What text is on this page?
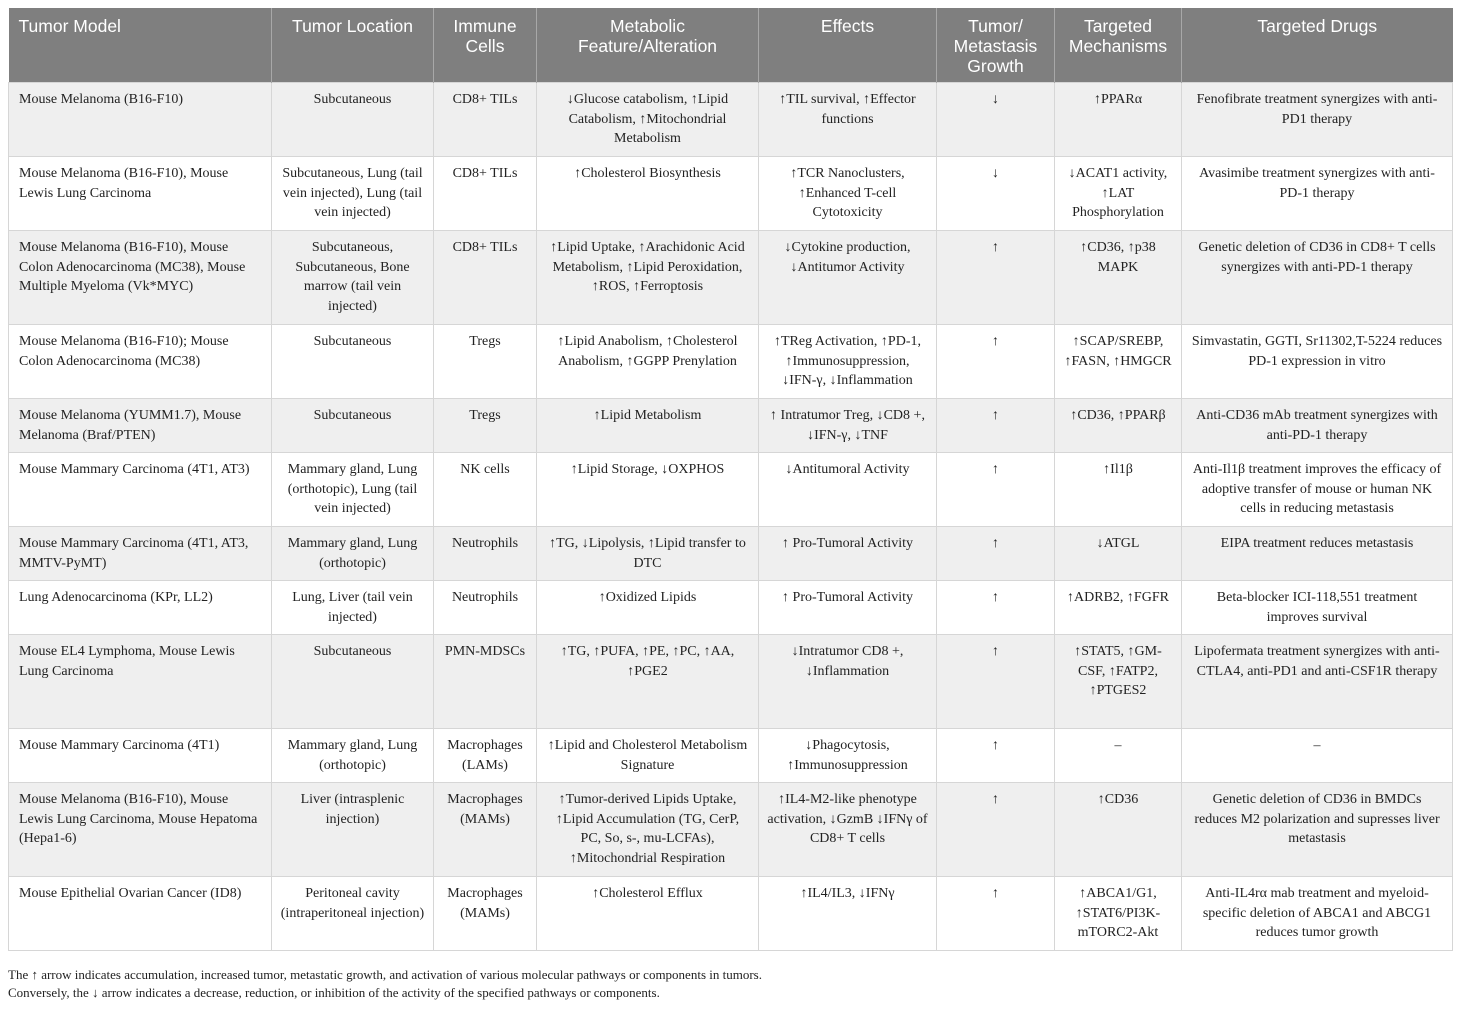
Tumor Model	Tumor Location	Immune Cells	Metabolic Feature/Alteration	Effects	Tumor/ Metastasis Growth	Targeted Mechanisms	Targeted Drugs
Mouse Melanoma (B16-F10)	Subcutaneous	CD8+ TILs	↓Glucose catabolism, ↑Lipid Catabolism, ↑Mitochondrial Metabolism	↑TIL survival, ↑Effector functions	↓	↑PPARα	Fenofibrate treatment synergizes with anti-PD1 therapy
Mouse Melanoma (B16-F10), Mouse Lewis Lung Carcinoma	Subcutaneous, Lung (tail vein injected), Lung (tail vein injected)	CD8+ TILs	↑Cholesterol Biosynthesis	↑TCR Nanoclusters, ↑Enhanced T-cell Cytotoxicity	↓	↓ACAT1 activity, ↑LAT Phosphorylation	Avasimibe treatment synergizes with anti-PD-1 therapy
Mouse Melanoma (B16-F10), Mouse Colon Adenocarcinoma (MC38), Mouse Multiple Myeloma (Vk*MYC)	Subcutaneous, Subcutaneous, Bone marrow (tail vein injected)	CD8+ TILs	↑Lipid Uptake, ↑Arachidonic Acid Metabolism, ↑Lipid Peroxidation, ↑ROS, ↑Ferroptosis	↓Cytokine production, ↓Antitumor Activity	↑	↑CD36, ↑p38 MAPK	Genetic deletion of CD36 in CD8+ T cells synergizes with anti-PD-1 therapy
Mouse Melanoma (B16-F10); Mouse Colon Adenocarcinoma (MC38)	Subcutaneous	Tregs	↑Lipid Anabolism, ↑Cholesterol Anabolism, ↑GGPP Prenylation	↑TReg Activation, ↑PD-1, ↑Immunosuppression, ↓IFN-γ, ↓Inflammation	↑	↑SCAP/SREBP, ↑FASN, ↑HMGCR	Simvastatin, GGTI, Sr11302,T-5224 reduces PD-1 expression in vitro
Mouse Melanoma (YUMM1.7), Mouse Melanoma (Braf/PTEN)	Subcutaneous	Tregs	↑Lipid Metabolism	↑ Intratumor Treg, ↓CD8 +, ↓IFN-γ, ↓TNF	↑	↑CD36, ↑PPARβ	Anti-CD36 mAb treatment synergizes with anti-PD-1 therapy
Mouse Mammary Carcinoma (4T1, AT3)	Mammary gland, Lung (orthotopic), Lung (tail vein injected)	NK cells	↑Lipid Storage, ↓OXPHOS	↓Antitumoral Activity	↑	↑Il1β	Anti-Il1β treatment improves the efficacy of adoptive transfer of mouse or human NK cells in reducing metastasis
Mouse Mammary Carcinoma (4T1, AT3, MMTV-PyMT)	Mammary gland, Lung (orthotopic)	Neutrophils	↑TG, ↓Lipolysis, ↑Lipid transfer to DTC	↑ Pro-Tumoral Activity	↑	↓ATGL	EIPA treatment reduces metastasis
Lung Adenocarcinoma (KPr, LL2)	Lung, Liver (tail vein injected)	Neutrophils	↑Oxidized Lipids	↑ Pro-Tumoral Activity	↑	↑ADRB2, ↑FGFR	Beta-blocker ICI-118,551 treatment improves survival
Mouse EL4 Lymphoma, Mouse Lewis Lung Carcinoma	Subcutaneous	PMN-MDSCs	↑TG, ↑PUFA, ↑PE, ↑PC, ↑AA, ↑PGE2	↓Intratumor CD8 +, ↓Inflammation	↑	↑STAT5, ↑GM-CSF, ↑FATP2, ↑PTGES2	Lipofermata treatment synergizes with anti-CTLA4, anti-PD1 and anti-CSF1R therapy
Mouse Mammary Carcinoma (4T1)	Mammary gland, Lung (orthotopic)	Macrophages (LAMs)	↑Lipid and Cholesterol Metabolism Signature	↓Phagocytosis, ↑Immunosuppression	↑	–	–
Mouse Melanoma (B16-F10), Mouse Lewis Lung Carcinoma, Mouse Hepatoma (Hepa1-6)	Liver (intrasplenic injection)	Macrophages (MAMs)	↑Tumor-derived Lipids Uptake, ↑Lipid Accumulation (TG, CerP, PC, So, s-, mu-LCFAs), ↑Mitochondrial Respiration	↑IL4-M2-like phenotype activation, ↓GzmB ↓IFNγ of CD8+ T cells	↑	↑CD36	Genetic deletion of CD36 in BMDCs reduces M2 polarization and supresses liver metastasis
Mouse Epithelial Ovarian Cancer (ID8)	Peritoneal cavity (intraperitoneal injection)	Macrophages (MAMs)	↑Cholesterol Efflux	↑IL4/IL3, ↓IFNγ	↑	↑ABCA1/G1, ↑STAT6/PI3K-mTORC2-Akt	Anti-IL4rα mab treatment and myeloid-specific deletion of ABCA1 and ABCG1 reduces tumor growth

The ↑ arrow indicates accumulation, increased tumor, metastatic growth, and activation of various molecular pathways or components in tumors.

Conversely, the ↓ arrow indicates a decrease, reduction, or inhibition of the activity of the specified pathways or components.
